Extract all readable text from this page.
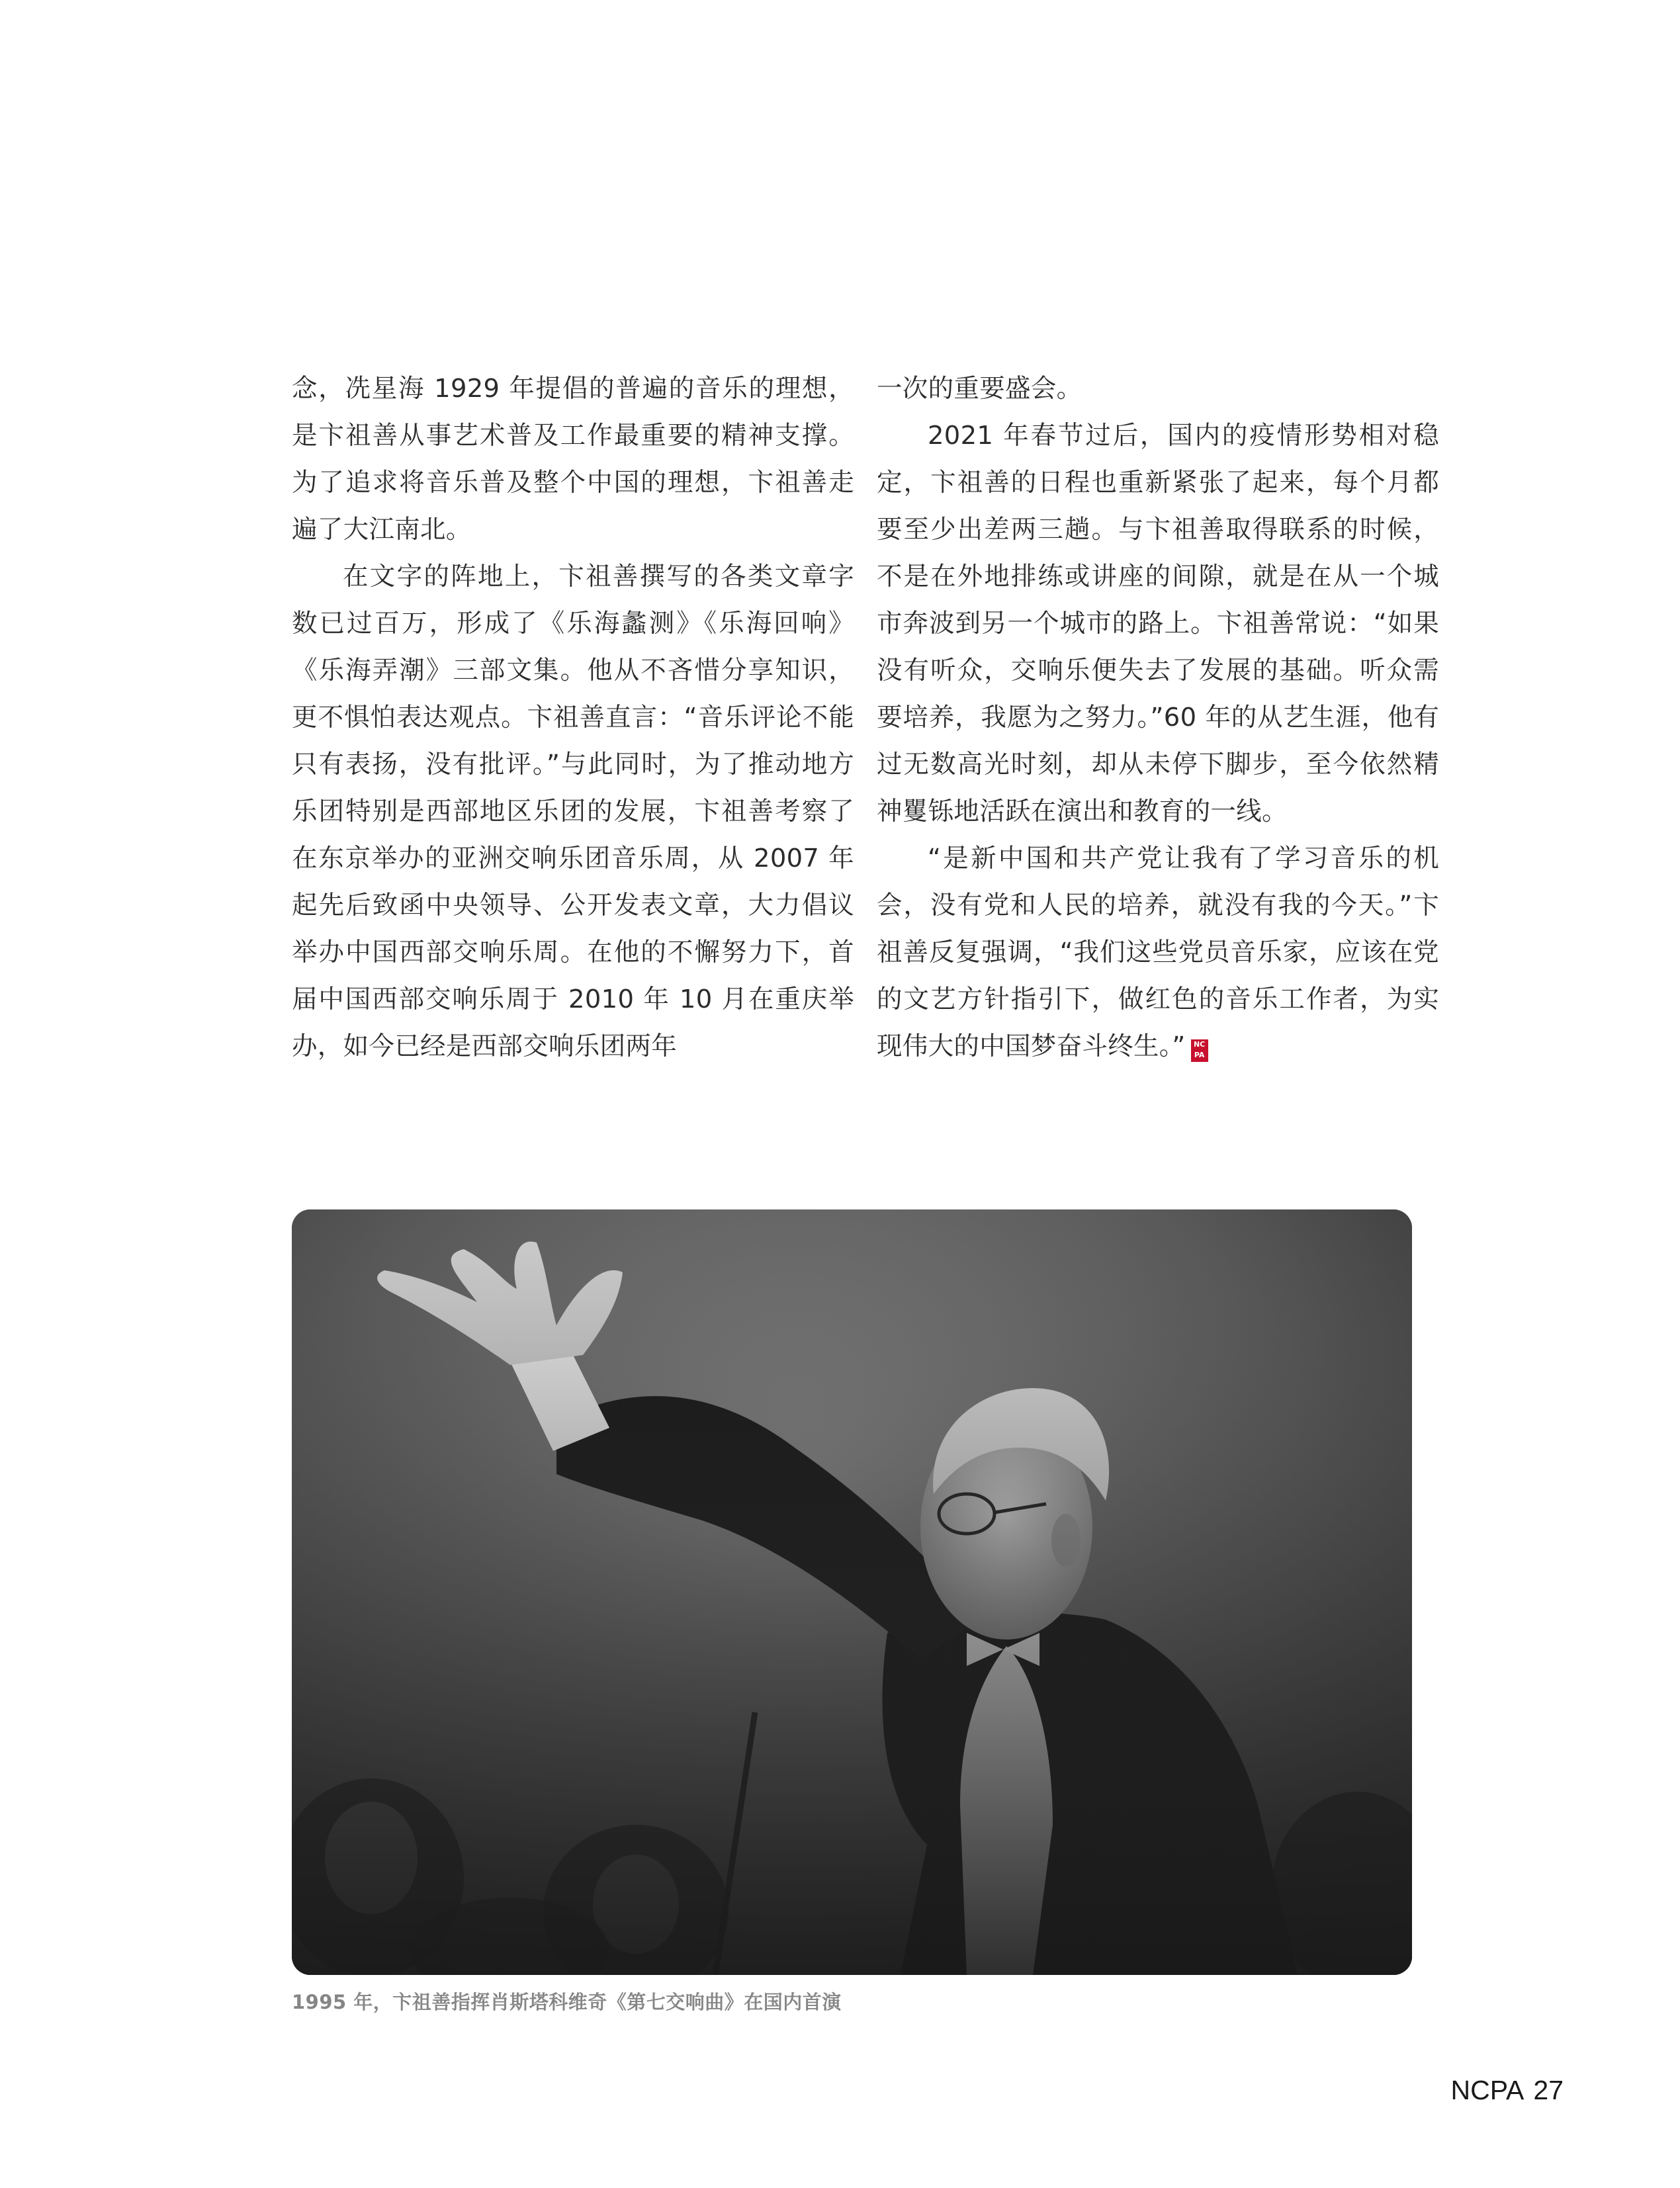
念，冼星海 1929 年提倡的普遍的音乐的理想，是卞祖善从事艺术普及工作最重要的精神支撑。为了追求将音乐普及整个中国的理想，卞祖善走遍了大江南北。

在文字的阵地上，卞祖善撰写的各类文章字数已过百万，形成了《乐海蠡测》《乐海回响》《乐海弄潮》三部文集。他从不吝惜分享知识，更不惧怕表达观点。卞祖善直言：“音乐评论不能只有表扬，没有批评。”与此同时，为了推动地方乐团特别是西部地区乐团的发展，卞祖善考察了在东京举办的亚洲交响乐团音乐周，从 2007 年起先后致函中央领导、公开发表文章，大力倡议举办中国西部交响乐周。在他的不懈努力下，首届中国西部交响乐周于 2010 年 10 月在重庆举办，如今已经是西部交响乐团两年

一次的重要盛会。

2021 年春节过后，国内的疫情形势相对稳定，卞祖善的日程也重新紧张了起来，每个月都要至少出差两三趟。与卞祖善取得联系的时候，不是在外地排练或讲座的间隙，就是在从一个城市奔波到另一个城市的路上。卞祖善常说：“如果没有听众，交响乐便失去了发展的基础。听众需要培养，我愿为之努力。”60 年的从艺生涯，他有过无数高光时刻，却从未停下脚步，至今依然精神矍铄地活跃在演出和教育的一线。

“是新中国和共产党让我有了学习音乐的机会，没有党和人民的培养，就没有我的今天。”卞祖善反复强调，“我们这些党员音乐家，应该在党的文艺方针指引下，做红色的音乐工作者，为实现伟大的中国梦奋斗终生。” NC
PA

1995 年，卞祖善指挥肖斯塔科维奇《第七交响曲》在国内首演
NCPA 27
